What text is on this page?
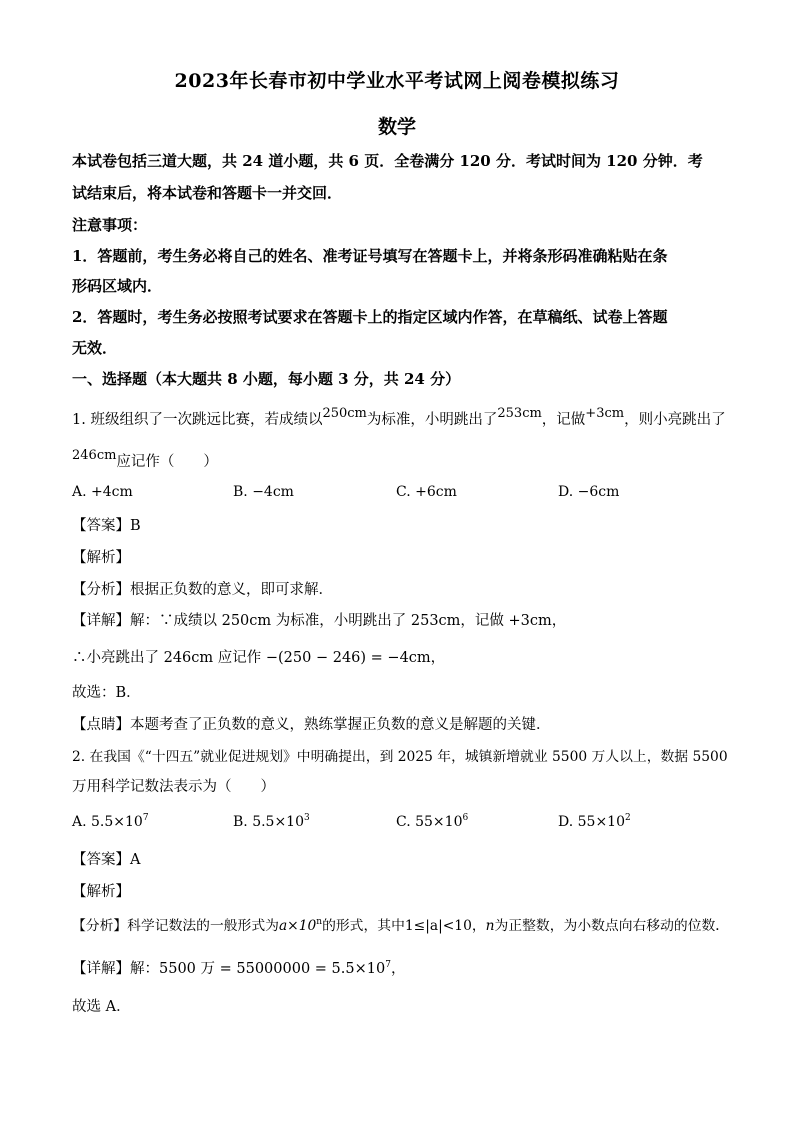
2023年长春市初中学业水平考试网上阅卷模拟练习
数学
本试卷包括三道大题，共 24 道小题，共 6 页．全卷满分 120 分．考试时间为 120 分钟．考
试结束后，将本试卷和答题卡一并交回．
注意事项：
1．答题前，考生务必将自己的姓名、准考证号填写在答题卡上，并将条形码准确粘贴在条
形码区域内．
2．答题时，考生务必按照考试要求在答题卡上的指定区域内作答，在草稿纸、试卷上答题
无效．
一、选择题（本大题共 8 小题，每小题 3 分，共 24 分）
1. 班级组织了一次跳远比赛，若成绩以250cm为标准，小明跳出了253cm，记做+3cm，则小亮跳出了
246cm应记作（　　）
A. +4cm	B. −4cm	C. +6cm	D. −6cm
【答案】B
【解析】
【分析】根据正负数的意义，即可求解．
【详解】解：∵成绩以 250cm 为标准，小明跳出了 253cm，记做 +3cm，
∴小亮跳出了 246cm 应记作 −(250 − 246) = −4cm，
故选：B．
【点睛】本题考查了正负数的意义，熟练掌握正负数的意义是解题的关键．
2. 在我国《“十四五”就业促进规划》中明确提出，到 2025 年，城镇新增就业 5500 万人以上，数据 5500
万用科学记数法表示为（　　）
A. $5.5\times 10^7$	B. $5.5\times 10^3$	C. $55\times 10^6$	D. $55\times 10^2$
【答案】A
【解析】
【分析】科学记数法的一般形式为$a\times 10^n$的形式，其中1≤|a|<10，n为正整数，为小数点向右移动的位数．
【详解】解：5500 万 = $55000000 = 5.5\times 10^7$，
故选 A．
